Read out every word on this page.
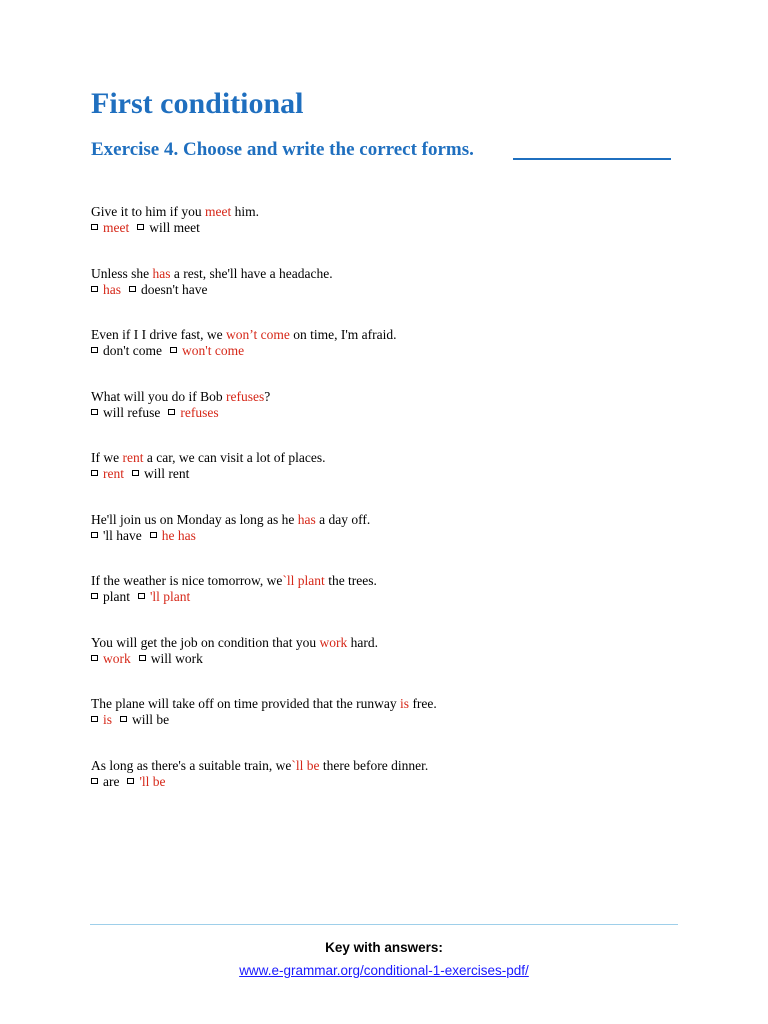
First conditional
Exercise 4. Choose and write the correct forms.
Give it to him if you meet him.
meet will meet
Unless she has a rest, she'll have a headache.
has doesn't have
Even if I I drive fast, we won’t come on time, I'm afraid.
don't come won't come
What will you do if Bob refuses?
will refuse refuses
If we rent a car, we can visit a lot of places.
rent will rent
He'll join us on Monday as long as he has a day off.
'll have he has
If the weather is nice tomorrow, we`ll plant the trees.
plant 'll plant
You will get the job on condition that you work hard.
work will work
The plane will take off on time provided that the runway is free.
is will be
As long as there's a suitable train, we`ll be there before dinner.
are 'll be
Key with answers:
www.e-grammar.org/conditional-1-exercises-pdf/
